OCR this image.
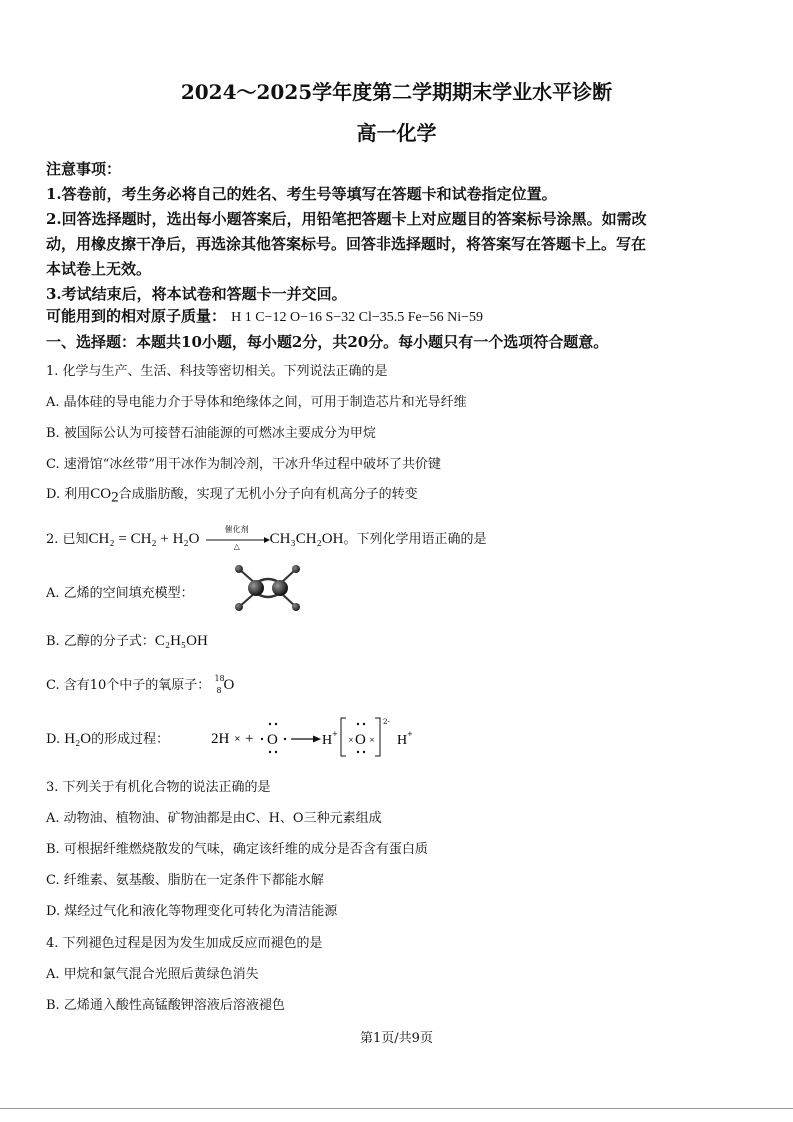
2024～2025学年度第二学期期末学业水平诊断
高一化学
注意事项：
1.答卷前，考生务必将自己的姓名、考生号等填写在答题卡和试卷指定位置。
2.回答选择题时，选出每小题答案后，用铅笔把答题卡上对应题目的答案标号涂黑。如需改
动，用橡皮擦干净后，再选涂其他答案标号。回答非选择题时，将答案写在答题卡上。写在
本试卷上无效。
3.考试结束后，将本试卷和答题卡一并交回。
可能用到的相对原子质量： H 1 C−12 O−16 S−32 Cl−35.5 Fe−56 Ni−59
一、选择题：本题共10小题，每小题2分，共20分。每小题只有一个选项符合题意。
1. 化学与生产、生活、科技等密切相关。下列说法正确的是
A. 晶体硅的导电能力介于导体和绝缘体之间，可用于制造芯片和光导纤维
B. 被国际公认为可接替石油能源的可燃冰主要成分为甲烷
C. 速滑馆“冰丝带”用干冰作为制冷剂，干冰升华过程中破坏了共价键
D. 利用$CO_2$合成脂肪酸，实现了无机小分子向有机高分子的转变
2. 已知CH₂ = CH₂ + H₂O
催化剂
△	CH₃CH₂OH。下列化学用语正确的是
A. 乙烯的空间填充模型：
B. 乙醇的分子式：C₂H₅OH
C. 含有10个中子的氧原子： 18
8 O
D. H₂O的形成过程：	2H × + O	H + O
× ×
2-
H +
3. 下列关于有机化合物的说法正确的是
A. 动物油、植物油、矿物油都是由C、H、O三种元素组成
B. 可根据纤维燃烧散发的气味，确定该纤维的成分是否含有蛋白质
C. 纤维素、氨基酸、脂肪在一定条件下都能水解
D. 煤经过气化和液化等物理变化可转化为清洁能源
4. 下列褪色过程是因为发生加成反应而褪色的是
A. 甲烷和氯气混合光照后黄绿色消失
B. 乙烯通入酸性高锰酸钾溶液后溶液褪色
第1页/共9页
